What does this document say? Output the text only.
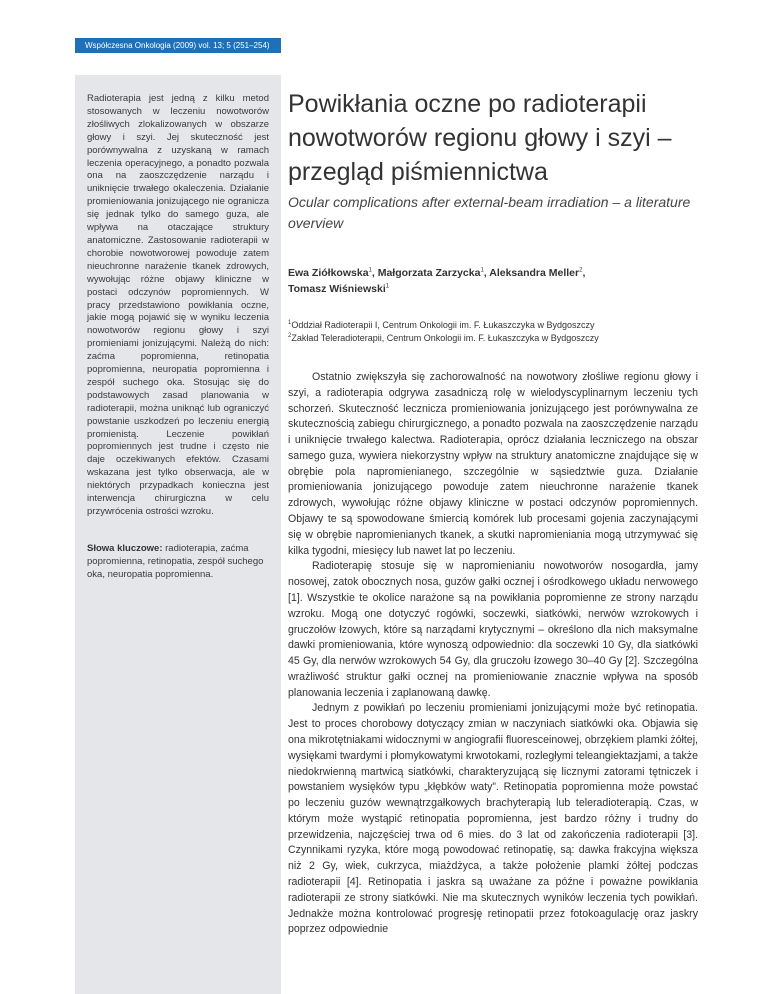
Współczesna Onkologia (2009) vol. 13; 5 (251–254)

Radioterapia jest jedną z kilku metod stosowanych w leczeniu nowotworów złośliwych zlokalizowanych w obszarze głowy i szyi. Jej skuteczność jest porównywalna z uzyskaną w ramach leczenia operacyjnego, a ponadto pozwala ona na zaoszczędzenie narządu i uniknięcie trwałego okaleczenia. Działanie promieniowania jonizującego nie ogranicza się jednak tylko do samego guza, ale wpływa na otaczające struktury anatomiczne. Zastosowanie radioterapii w chorobie nowotworowej powoduje zatem nieuchronne narażenie tkanek zdrowych, wywołując różne objawy kliniczne w postaci odczynów popromiennych. W pracy przedstawiono powikłania oczne, jakie mogą pojawić się w wyniku leczenia nowotworów regionu głowy i szyi promieniami jonizującymi. Należą do nich: zaćma popromienna, retinopatia popromienna, neuropatia popromienna i zespół suchego oka. Stosując się do podstawowych zasad planowania w radioterapii, można uniknąć lub ograniczyć powstanie uszkodzeń po leczeniu energią promienistą. Leczenie powikłań popromiennych jest trudne i często nie daje oczekiwanych efektów. Czasami wskazana jest tylko obserwacja, ale w niektórych przypadkach konieczna jest interwencja chirurgiczna w celu przywrócenia ostrości wzroku.

Słowa kluczowe: radioterapia, zaćma popromienna, retinopatia, zespół suchego oka, neuropatia popromienna.

Powikłania oczne po radioterapii nowotworów regionu głowy i szyi – przegląd piśmiennictwa

Ocular complications after external-beam irradiation – a literature overview

Ewa Ziółkowska$^1$, Małgorzata Zarzycka$^1$, Aleksandra Meller$^2$,
Tomasz Wiśniewski$^1$

$^1$Oddział Radioterapii I, Centrum Onkologii im. F. Łukaszczyka w Bydgoszczy
$^2$Zakład Teleradioterapii, Centrum Onkologii im. F. Łukaszczyka w Bydgoszczy

Ostatnio zwiększyła się zachorowalność na nowotwory złośliwe regionu głowy i szyi, a radioterapia odgrywa zasadniczą rolę w wielodyscyplinarnym leczeniu tych schorzeń. Skuteczność lecznicza promieniowania jonizującego jest porównywalna ze skutecznością zabiegu chirurgicznego, a ponadto pozwala na zaoszczędzenie narządu i uniknięcie trwałego kalectwa. Radioterapia, oprócz działania leczniczego na obszar samego guza, wywiera niekorzystny wpływ na struktury anatomiczne znajdujące się w obrębie pola napromienianego, szczególnie w sąsiedztwie guza. Działanie promieniowania jonizującego powoduje zatem nieuchronne narażenie tkanek zdrowych, wywołując różne objawy kliniczne w postaci odczynów popromiennych. Objawy te są spowodowane śmiercią komórek lub procesami gojenia zaczynającymi się w obrębie napromienianych tkanek, a skutki napromieniania mogą utrzymywać się kilka tygodni, miesięcy lub nawet lat po leczeniu.

Radioterapię stosuje się w napromienianiu nowotworów nosogardła, jamy nosowej, zatok obocznych nosa, guzów gałki ocznej i ośrodkowego układu nerwowego [1]. Wszystkie te okolice narażone są na powikłania popromienne ze strony narządu wzroku. Mogą one dotyczyć rogówki, soczewki, siatkówki, nerwów wzrokowych i gruczołów łzowych, które są narządami krytycznymi – określono dla nich maksymalne dawki promieniowania, które wynoszą odpowiednio: dla soczewki 10 Gy, dla siatkówki 45 Gy, dla nerwów wzrokowych 54 Gy, dla gruczołu łzowego 30–40 Gy [2]. Szczególna wrażliwość struktur gałki ocznej na promieniowanie znacznie wpływa na sposób planowania leczenia i zaplanowaną dawkę.

Jednym z powikłań po leczeniu promieniami jonizującymi może być retinopatia. Jest to proces chorobowy dotyczący zmian w naczyniach siatkówki oka. Objawia się ona mikrotętniakami widocznymi w angiografii fluoresceinowej, obrzękiem plamki żółtej, wysiękami twardymi i płomykowatymi krwotokami, rozległymi teleangiektazjami, a także niedokrwienną martwicą siatkówki, charakteryzującą się licznymi zatorami tętniczek i powstaniem wysięków typu „kłębków waty”. Retinopatia popromienna może powstać po leczeniu guzów wewnątrzgałkowych brachyterapią lub teleradioterapią. Czas, w którym może wystąpić retinopatia popromienna, jest bardzo różny i trudny do przewidzenia, najczęściej trwa od 6 mies. do 3 lat od zakończenia radioterapii [3]. Czynnikami ryzyka, które mogą powodować retinopatię, są: dawka frakcyjna większa niż 2 Gy, wiek, cukrzyca, miażdżyca, a także położenie plamki żółtej podczas radioterapii [4]. Retinopatia i jaskra są uważane za późne i poważne powikłania radioterapii ze strony siatkówki. Nie ma skutecznych wyników leczenia tych powikłań. Jednakże można kontrolować progresję retinopatii przez fotokoagulację oraz jaskry poprzez odpowiednie
